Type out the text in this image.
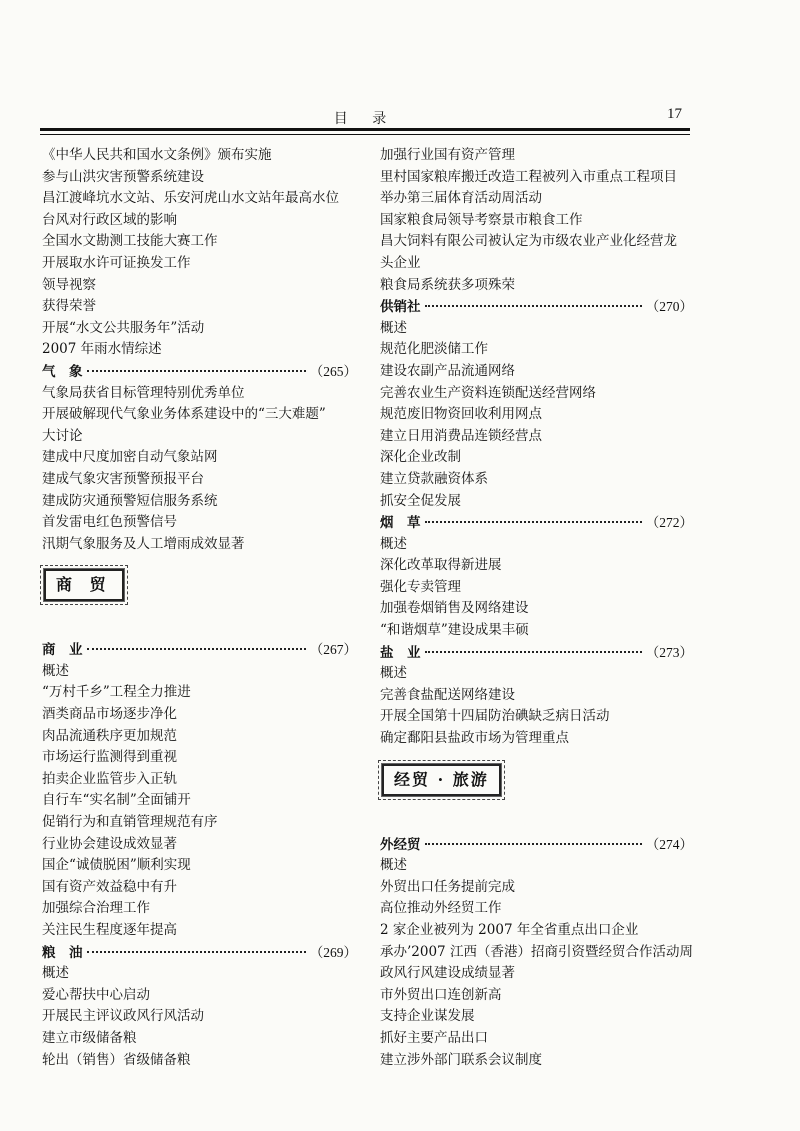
目 录	17
《中华人民共和国水文条例》颁布实施
参与山洪灾害预警系统建设
昌江渡峰坑水文站、乐安河虎山水文站年最高水位
台风对行政区域的影响
全国水文勘测工技能大赛工作
开展取水许可证换发工作
领导视察
获得荣誉
开展“水文公共服务年”活动
2007 年雨水情综述
气　象	（265）
气象局获省目标管理特别优秀单位
开展破解现代气象业务体系建设中的“三大难题”
大讨论
建成中尺度加密自动气象站网
建成气象灾害预警预报平台
建成防灾通预警短信服务系统
首发雷电红色预警信号
汛期气象服务及人工增雨成效显著
商 贸
商　业	（267）
概述
“万村千乡”工程全力推进
酒类商品市场逐步净化
肉品流通秩序更加规范
市场运行监测得到重视
拍卖企业监管步入正轨
自行车“实名制”全面铺开
促销行为和直销管理规范有序
行业协会建设成效显著
国企“诚债脱困”顺利实现
国有资产效益稳中有升
加强综合治理工作
关注民生程度逐年提高
粮　油	（269）
概述
爱心帮扶中心启动
开展民主评议政风行风活动
建立市级储备粮
轮出（销售）省级储备粮
加强行业国有资产管理
里村国家粮库搬迁改造工程被列入市重点工程项目
举办第三届体育活动周活动
国家粮食局领导考察景市粮食工作
昌大饲料有限公司被认定为市级农业产业化经营龙
头企业
粮食局系统获多项殊荣
供销社	（270）
概述
规范化肥淡储工作
建设农副产品流通网络
完善农业生产资料连锁配送经营网络
规范废旧物资回收利用网点
建立日用消费品连锁经营点
深化企业改制
建立贷款融资体系
抓安全促发展
烟　草	（272）
概述
深化改革取得新进展
强化专卖管理
加强卷烟销售及网络建设
“和谐烟草”建设成果丰硕
盐　业	（273）
概述
完善食盐配送网络建设
开展全国第十四届防治碘缺乏病日活动
确定鄱阳县盐政市场为管理重点
经贸 · 旅游
外经贸	（274）
概述
外贸出口任务提前完成
高位推动外经贸工作
2 家企业被列为 2007 年全省重点出口企业
承办’2007 江西（香港）招商引资暨经贸合作活动周
政风行风建设成绩显著
市外贸出口连创新高
支持企业谋发展
抓好主要产品出口
建立涉外部门联系会议制度
